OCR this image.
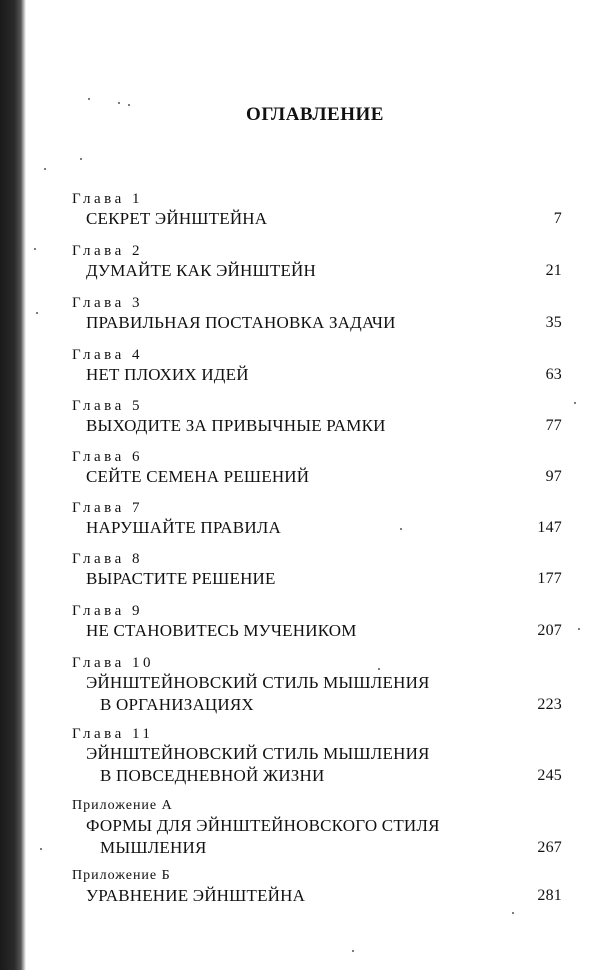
ОГЛАВЛЕНИЕ
Глава 1
СЕКРЕТ ЭЙНШТЕЙНА	7
Глава 2
ДУМАЙТЕ КАК ЭЙНШТЕЙН	21
Глава 3
ПРАВИЛЬНАЯ ПОСТАНОВКА ЗАДАЧИ	35
Глава 4
НЕТ ПЛОХИХ ИДЕЙ	63
Глава 5
ВЫХОДИТЕ ЗА ПРИВЫЧНЫЕ РАМКИ	77
Глава 6
СЕЙТЕ СЕМЕНА РЕШЕНИЙ	97
Глава 7
НАРУШАЙТЕ ПРАВИЛА	147
Глава 8
ВЫРАСТИТЕ РЕШЕНИЕ	177
Глава 9
НЕ СТАНОВИТЕСЬ МУЧЕНИКОМ	207
Глава 10
ЭЙНШТЕЙНОВСКИЙ СТИЛЬ МЫШЛЕНИЯ
В ОРГАНИЗАЦИЯХ	223
Глава 11
ЭЙНШТЕЙНОВСКИЙ СТИЛЬ МЫШЛЕНИЯ
В ПОВСЕДНЕВНОЙ ЖИЗНИ	245
Приложение А
ФОРМЫ ДЛЯ ЭЙНШТЕЙНОВСКОГО СТИЛЯ
МЫШЛЕНИЯ	267
Приложение Б
УРАВНЕНИЕ ЭЙНШТЕЙНА	281
